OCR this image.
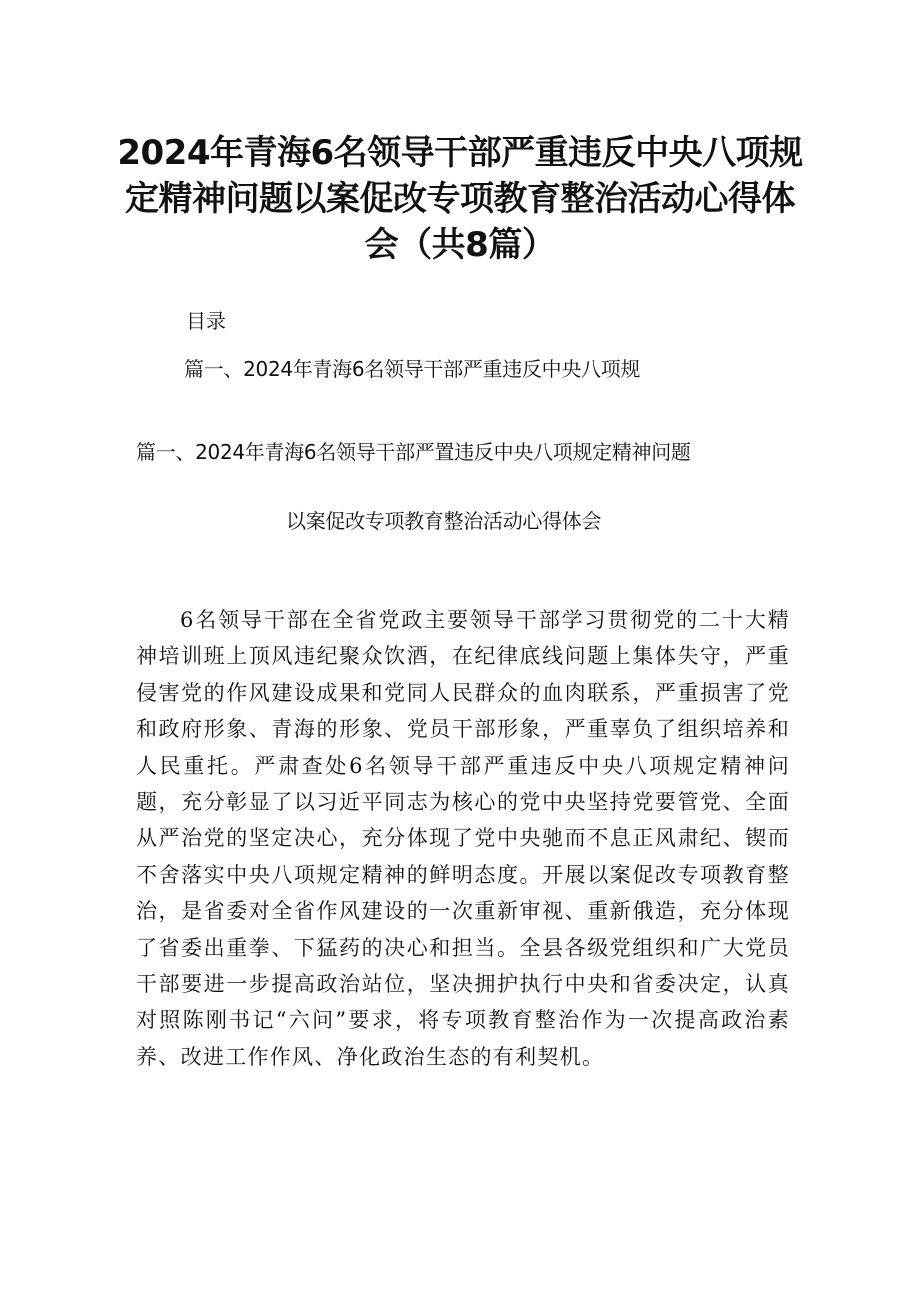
2024年青海6名领导干部严重违反中央八项规定精神问题以案促改专项教育整治活动心得体会（共8篇）
目录
篇一、2024年青海6名领导干部严重违反中央八项规
篇一、2024年青海6名领导干部严置违反中央八项规定精神问题
以案促改专项教育整治活动心得体会
6名领导干部在全省党政主要领导干部学习贯彻党的二十大精神培训班上顶风违纪聚众饮酒，在纪律底线问题上集体失守，严重侵害党的作风建设成果和党同人民群众的血肉联系，严重损害了党和政府形象、青海的形象、党员干部形象，严重辜负了组织培养和人民重托。严肃查处6名领导干部严重违反中央八项规定精神问题，充分彰显了以习近平同志为核心的党中央坚持党要管党、全面从严治党的坚定决心，充分体现了党中央驰而不息正风肃纪、锲而不舍落实中央八项规定精神的鲜明态度。开展以案促改专项教育整治，是省委对全省作风建设的一次重新审视、重新俄造，充分体现了省委出重拳、下猛药的决心和担当。全县各级党组织和广大党员干部要进一步提高政治站位，坚决拥护执行中央和省委决定，认真对照陈刚书记“六问”要求，将专项教育整治作为一次提高政治素养、改进工作作风、净化政治生态的有利契机。
